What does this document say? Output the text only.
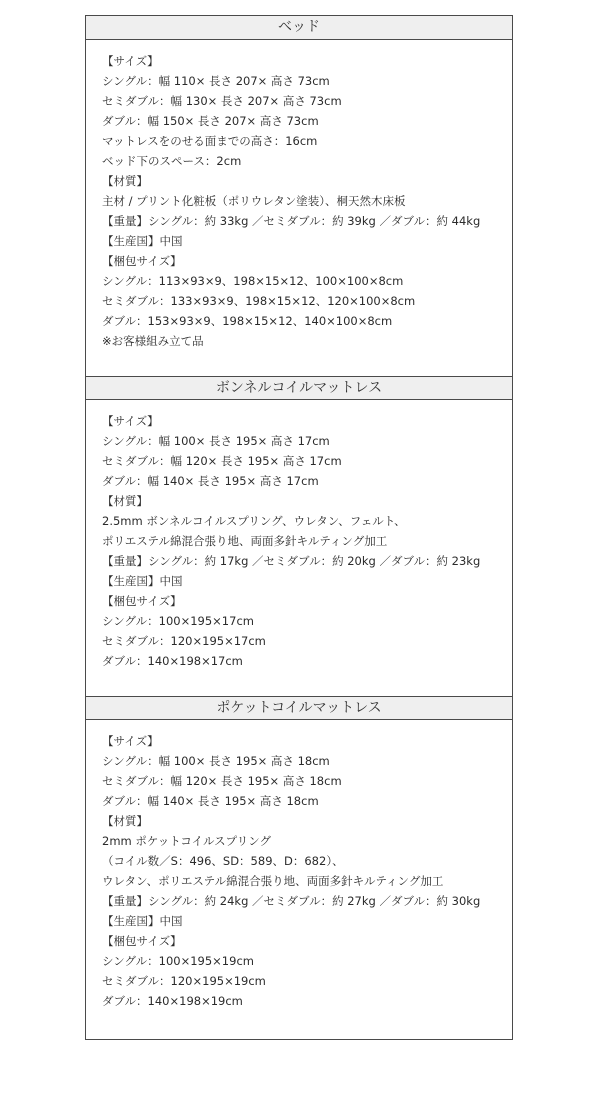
ベッド
【サイズ】
シングル：幅 110× 長さ 207× 高さ 73cm
セミダブル：幅 130× 長さ 207× 高さ 73cm
ダブル：幅 150× 長さ 207× 高さ 73cm
マットレスをのせる面までの高さ：16cm
ベッド下のスペース：2cm
【材質】
主材 / プリント化粧板（ポリウレタン塗装）、桐天然木床板
【重量】シングル：約 33kg ／セミダブル：約 39kg ／ダブル：約 44kg
【生産国】中国
【梱包サイズ】
シングル：113×93×9、198×15×12、100×100×8cm
セミダブル：133×93×9、198×15×12、120×100×8cm
ダブル：153×93×9、198×15×12、140×100×8cm
※お客様組み立て品
ボンネルコイルマットレス
【サイズ】
シングル：幅 100× 長さ 195× 高さ 17cm
セミダブル：幅 120× 長さ 195× 高さ 17cm
ダブル：幅 140× 長さ 195× 高さ 17cm
【材質】
2.5mm ボンネルコイルスプリング、ウレタン、フェルト、
ポリエステル綿混合張り地、両面多針キルティング加工
【重量】シングル：約 17kg ／セミダブル：約 20kg ／ダブル：約 23kg
【生産国】中国
【梱包サイズ】
シングル：100×195×17cm
セミダブル：120×195×17cm
ダブル：140×198×17cm
ポケットコイルマットレス
【サイズ】
シングル：幅 100× 長さ 195× 高さ 18cm
セミダブル：幅 120× 長さ 195× 高さ 18cm
ダブル：幅 140× 長さ 195× 高さ 18cm
【材質】
2mm ポケットコイルスプリング
（コイル数／S：496、SD：589、D：682）、
ウレタン、ポリエステル綿混合張り地、両面多針キルティング加工
【重量】シングル：約 24kg ／セミダブル：約 27kg ／ダブル：約 30kg
【生産国】中国
【梱包サイズ】
シングル：100×195×19cm
セミダブル：120×195×19cm
ダブル：140×198×19cm
